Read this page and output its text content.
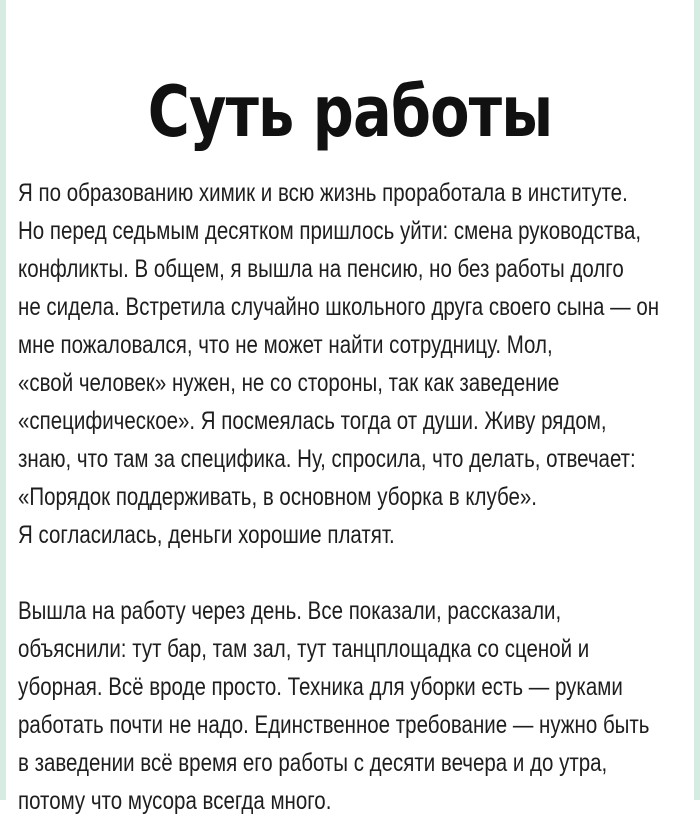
Суть работы
Я по образованию химик и всю жизнь проработала в институте.
Но перед седьмым десятком пришлось уйти: смена руководства,
конфликты. В общем, я вышла на пенсию, но без работы долго
не сидела. Встретила случайно школьного друга своего сына — он
мне пожаловался, что не может найти сотрудницу. Мол,
«свой человек» нужен, не со стороны, так как заведение
«специфическое». Я посмеялась тогда от души. Живу рядом,
знаю, что там за специфика. Ну, спросила, что делать, отвечает:
«Порядок поддерживать, в основном уборка в клубе».
Я согласилась, деньги хорошие платят.
Вышла на работу через день. Все показали, рассказали,
объяснили: тут бар, там зал, тут танцплощадка со сценой и
уборная. Всё вроде просто. Техника для уборки есть — руками
работать почти не надо. Единственное требование — нужно быть
в заведении всё время его работы с десяти вечера и до утра,
потому что мусора всегда много.
